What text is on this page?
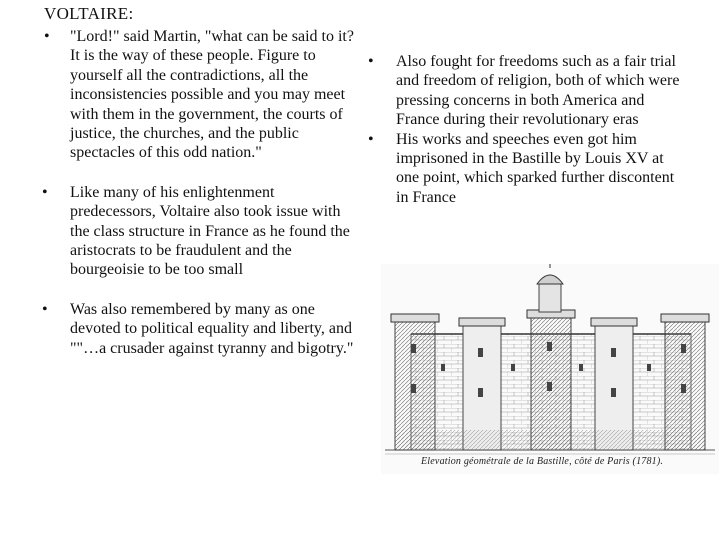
VOLTAIRE:

• "Lord!" said Martin, "what can be said to it? It is the way of these people. Figure to yourself all the contradictions, all the inconsistencies possible and you may meet with them in the government, the courts of justice, the churches, and the public spectacles of this odd nation."

• Like many of his enlightenment predecessors, Voltaire also took issue with the class structure in France as he found the aristocrats to be fraudulent and the bourgeoisie to be too small

• Was also remembered by many as one devoted to political equality and liberty, and ""…a crusader against tyranny and bigotry."

• Also fought for freedoms such as a fair trial and freedom of religion, both of which were pressing concerns in both America and France during their revolutionary eras

• His works and speeches even got him imprisoned in the Bastille by Louis XV at one point, which sparked further discontent in France

Elevation géométrale de la Bastille, côté de Paris (1781).
